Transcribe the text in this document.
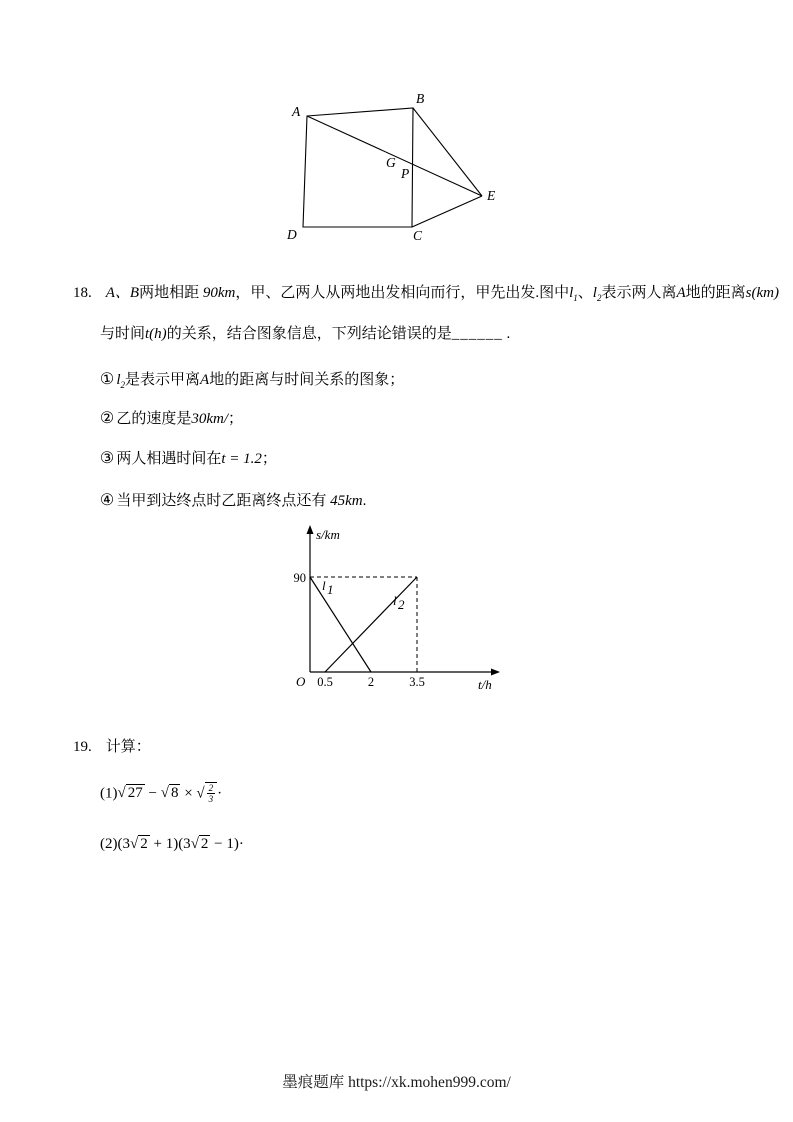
A
B
G
P
E
D	C
18. A、B两地相距 90km，甲、乙两人从两地出发相向而行，甲先出发.图中$l_1$、$l_2$表示两人离A地的距离s(km)
与时间t(h)的关系，结合图象信息，下列结论错误的是______ .
$①l_2$是表示甲离A地的距离与时间关系的图象；
②乙的速度是30km/；
③两人相遇时间在t = 1.2；
④当甲到达终点时乙距离终点还有 45km.
s/km
t/h
O
90
0.5	2	3.5
l 1
l 2
19. 计算：
(1)√ 27 − √ 8 × √ $\frac{2}{3}$ ·
(2)(3√ 2 + 1)(3√ 2 − 1)·
墨痕题库 https://xk.mohen999.com/
